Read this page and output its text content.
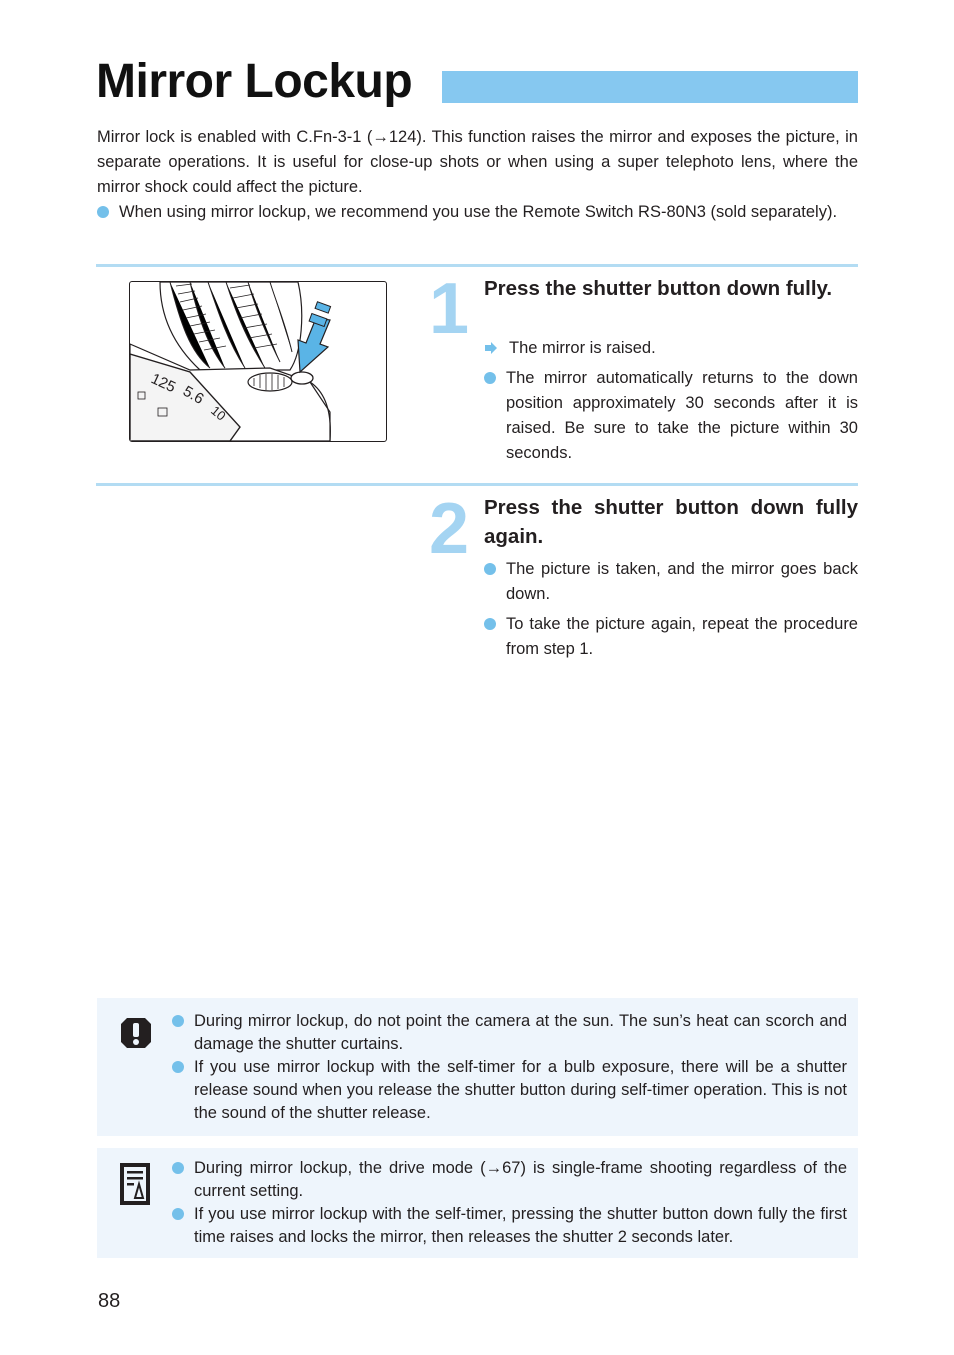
Mirror Lockup

Mirror lock is enabled with C.Fn-3-1 (→124). This function raises the mirror and exposes the picture, in separate operations. It is useful for close-up shots or when using a super telephoto lens, where the mirror shock could affect the picture.

When using mirror lockup, we recommend you use the Remote Switch RS-80N3 (sold separately).

125 5.6
10
1 Press the shutter button down fully.

The mirror is raised.

The mirror automatically returns to the down position approximately 30 seconds after it is raised. Be sure to take the picture within 30 seconds.

2 Press the shutter button down fully again.

The picture is taken, and the mirror goes back down.

To take the picture again, repeat the procedure from step 1.

During mirror lockup, do not point the camera at the sun. The sun’s heat can scorch and damage the shutter curtains.

If you use mirror lockup with the self-timer for a bulb exposure, there will be a shutter release sound when you release the shutter button during self-timer operation. This is not the sound of the shutter release.

During mirror lockup, the drive mode (→67) is single-frame shooting regardless of the current setting.

If you use mirror lockup with the self-timer, pressing the shutter button down fully the first time raises and locks the mirror, then releases the shutter 2 seconds later.

88
